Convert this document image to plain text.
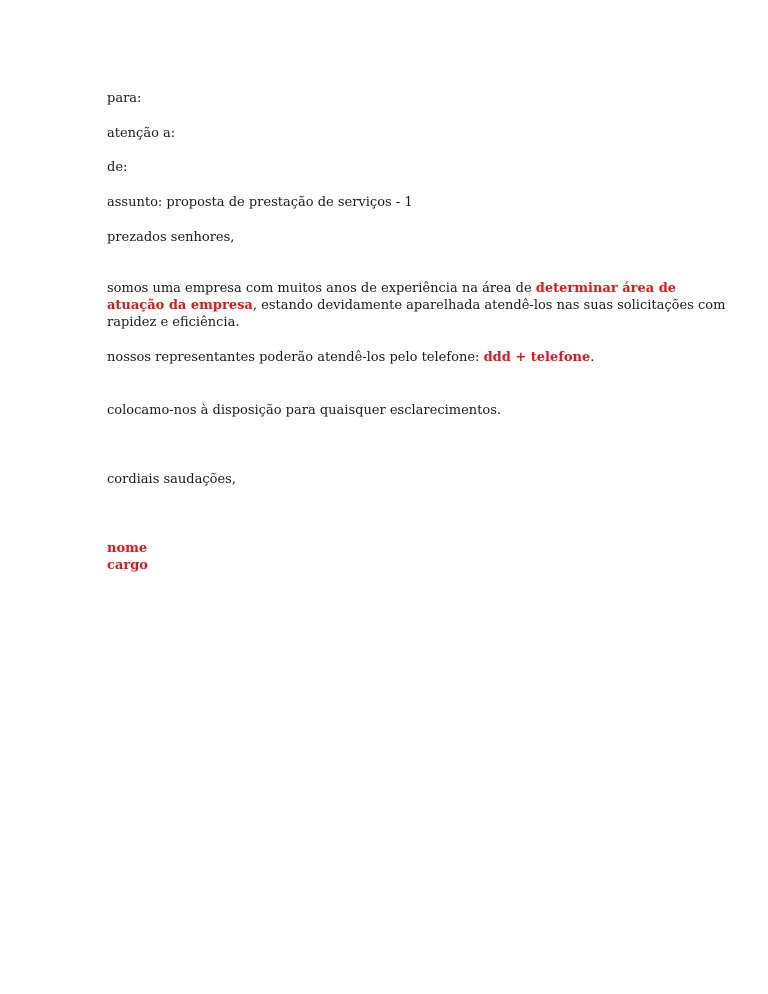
para:

atenção a:

de:

assunto: proposta de prestação de serviços - 1

prezados senhores,

somos uma empresa com muitos anos de experiência na área de determinar área de
atuação da empresa, estando devidamente aparelhada atendê-los nas suas solicitações com
rapidez e eficiência.

nossos representantes poderão atendê-los pelo telefone: ddd + telefone.

colocamo-nos à disposição para quaisquer esclarecimentos.

cordiais saudações,

nome

cargo
